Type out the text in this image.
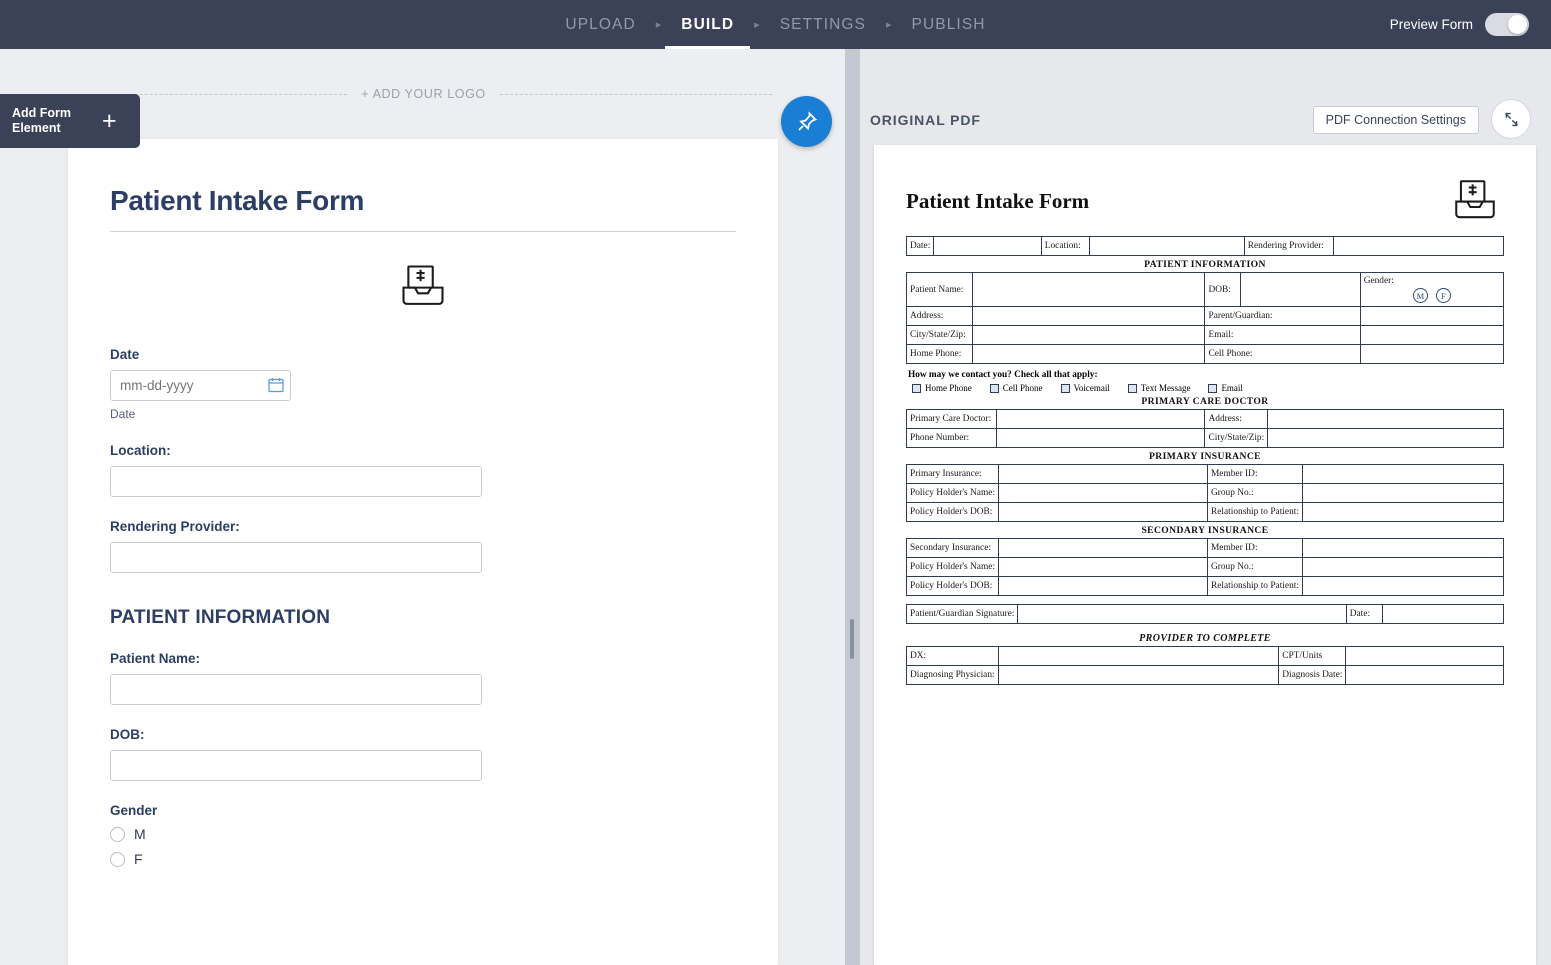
UPLOAD	▸	BUILD	▸	SETTINGS	▸	PUBLISH	Preview Form
+ ADD YOUR LOGO
Patient Intake Form
Date
mm-dd-yyyy
Date
Location:
Rendering Provider:
PATIENT INFORMATION
Patient Name:
DOB:
Gender
M
F
Add Form
Element	+	ORIGINAL PDF	PDF Connection Settings
Patient Intake Form
Date:		Location:		Rendering Provider:	
PATIENT INFORMATION
Patient Name:		DOB:		Gender:
M F

Address:		Parent/Guardian:		
City/State/Zip:		Email:		
Home Phone:		Cell Phone:		
How may we contact you? Check all that apply:
Home Phone	Cell Phone	Voicemail	Text Message	Email
PRIMARY CARE DOCTOR
Primary Care Doctor:		Address:	
Phone Number:		City/State/Zip:	
PRIMARY INSURANCE
Primary Insurance:		Member ID:	
Policy Holder's Name:		Group No.:	
Policy Holder's DOB:		Relationship to Patient:	
SECONDARY INSURANCE
Secondary Insurance:		Member ID:	
Policy Holder's Name:		Group No.:	
Policy Holder's DOB:		Relationship to Patient:	
Patient/Guardian Signature:		Date:	
PROVIDER TO COMPLETE
DX:		CPT/Units	
Diagnosing Physician:		Diagnosis Date:	
